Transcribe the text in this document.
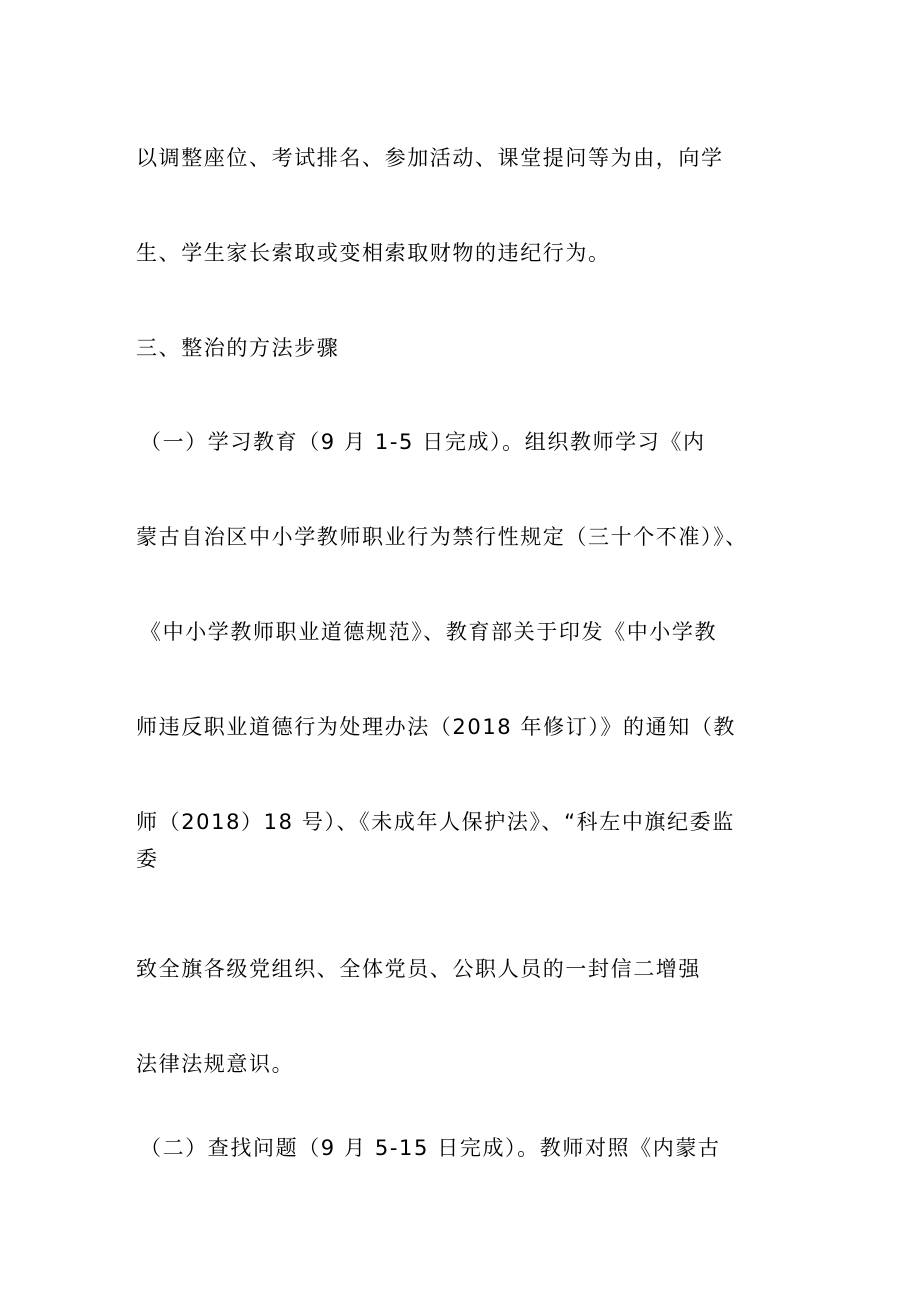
以调整座位、考试排名、参加活动、课堂提问等为由，向学
生、学生家长索取或变相索取财物的违纪行为。
三、整治的方法步骤
（一）学习教育（9 月 1-5 日完成）。组织教师学习《内
蒙古自治区中小学教师职业行为禁行性规定（三十个不准）》、
《中小学教师职业道德规范》、教育部关于印发《中小学教
师违反职业道德行为处理办法（2018 年修订）》的通知（教
师（2018）18 号）、《未成年人保护法》、“科左中旗纪委监
委
致全旗各级党组织、全体党员、公职人员的一封信二增强
法律法规意识。
（二）查找问题（9 月 5-15 日完成）。教师对照《内蒙古
